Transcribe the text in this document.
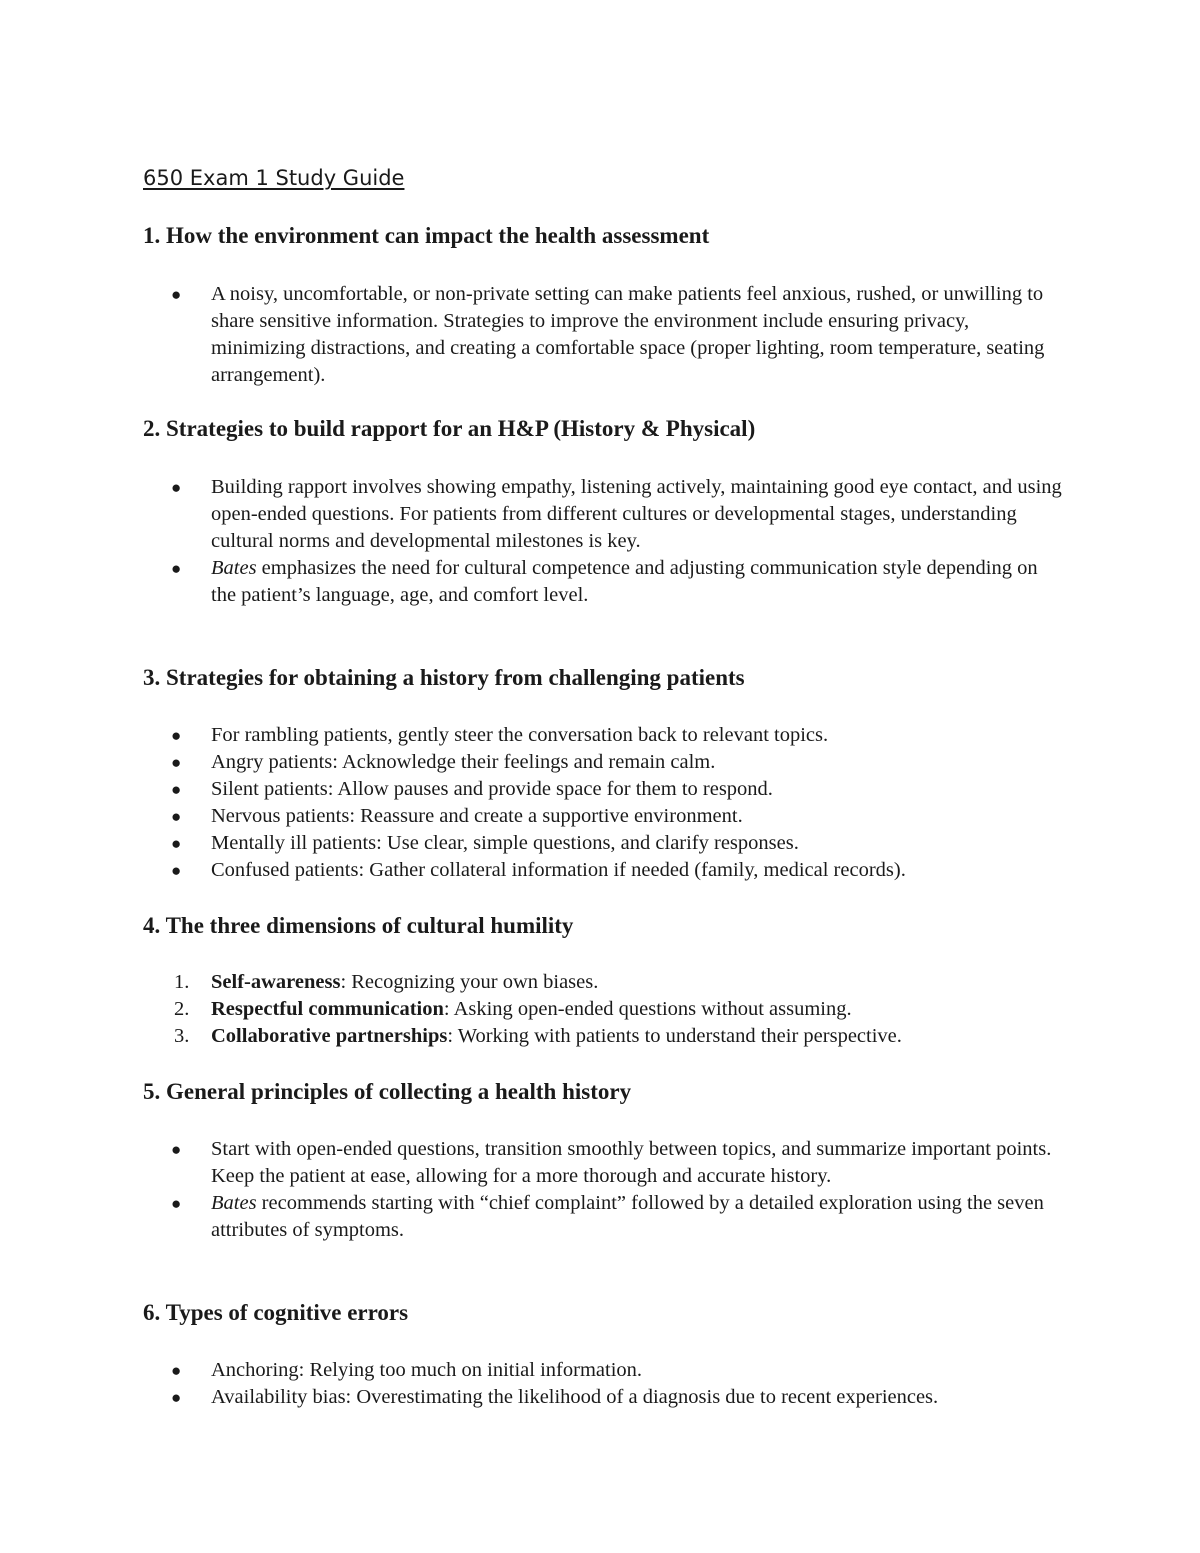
650 Exam 1 Study Guide
1. How the environment can impact the health assessment
● A noisy, uncomfortable, or non-private setting can make patients feel anxious, rushed, or unwilling to share sensitive information. Strategies to improve the environment include ensuring privacy, minimizing distractions, and creating a comfortable space (proper lighting, room temperature, seating arrangement).
2. Strategies to build rapport for an H&P (History & Physical)
● Building rapport involves showing empathy, listening actively, maintaining good eye contact, and using open-ended questions. For patients from different cultures or developmental stages, understanding cultural norms and developmental milestones is key.
● Bates emphasizes the need for cultural competence and adjusting communication style depending on the patient’s language, age, and comfort level.
3. Strategies for obtaining a history from challenging patients
● For rambling patients, gently steer the conversation back to relevant topics.
● Angry patients: Acknowledge their feelings and remain calm.
● Silent patients: Allow pauses and provide space for them to respond.
● Nervous patients: Reassure and create a supportive environment.
● Mentally ill patients: Use clear, simple questions, and clarify responses.
● Confused patients: Gather collateral information if needed (family, medical records).
4. The three dimensions of cultural humility
1. Self-awareness: Recognizing your own biases.
2. Respectful communication: Asking open-ended questions without assuming.
3. Collaborative partnerships: Working with patients to understand their perspective.
5. General principles of collecting a health history
● Start with open-ended questions, transition smoothly between topics, and summarize important points. Keep the patient at ease, allowing for a more thorough and accurate history.
● Bates recommends starting with “chief complaint” followed by a detailed exploration using the seven attributes of symptoms.
6. Types of cognitive errors
● Anchoring: Relying too much on initial information.
● Availability bias: Overestimating the likelihood of a diagnosis due to recent experiences.
